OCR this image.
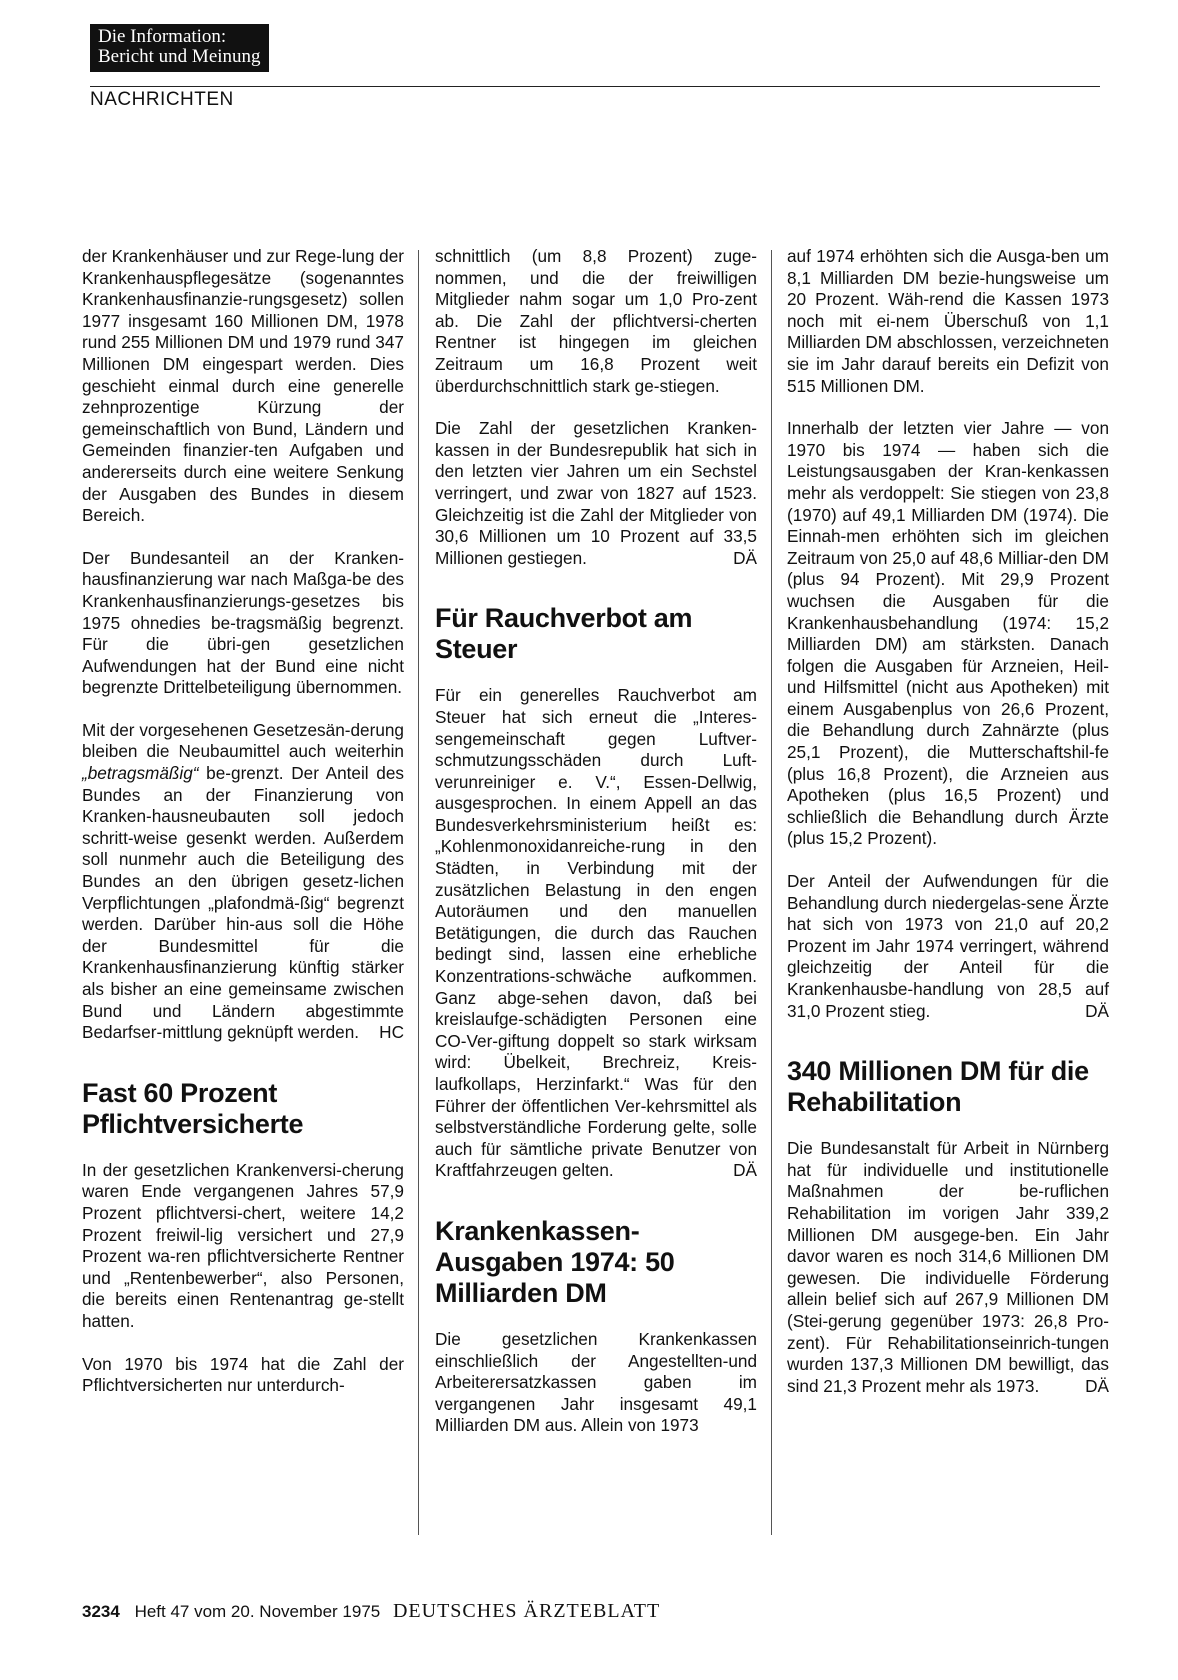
Die Information:
Bericht und Meinung
NACHRICHTEN

der Krankenhäuser und zur Rege-lung der Krankenhauspflegesätze (sogenanntes Krankenhausfinanzie-rungsgesetz) sollen 1977 insgesamt 160 Millionen DM, 1978 rund 255 Millionen DM und 1979 rund 347 Millionen DM eingespart werden. Dies geschieht einmal durch eine generelle zehnprozentige Kürzung der gemeinschaftlich von Bund, Ländern und Gemeinden finanzier-ten Aufgaben und andererseits durch eine weitere Senkung der Ausgaben des Bundes in diesem Bereich.

Der Bundesanteil an der Kranken-hausfinanzierung war nach Maßga-be des Krankenhausfinanzierungs-gesetzes bis 1975 ohnedies be-tragsmäßig begrenzt. Für die übri-gen gesetzlichen Aufwendungen hat der Bund eine nicht begrenzte Drittelbeteiligung übernommen.

Mit der vorgesehenen Gesetzesän-derung bleiben die Neubaumittel auch weiterhin „betragsmäßig“ be-grenzt. Der Anteil des Bundes an der Finanzierung von Kranken-hausneubauten soll jedoch schritt-weise gesenkt werden. Außerdem soll nunmehr auch die Beteiligung des Bundes an den übrigen gesetz-lichen Verpflichtungen „plafondmä-ßig“ begrenzt werden. Darüber hin-aus soll die Höhe der Bundesmittel für die Krankenhausfinanzierung künftig stärker als bisher an eine gemeinsame zwischen Bund und Ländern abgestimmte Bedarfser-mittlung geknüpft werden. HC

Fast 60 Prozent Pflichtversicherte

In der gesetzlichen Krankenversi-cherung waren Ende vergangenen Jahres 57,9 Prozent pflichtversi-chert, weitere 14,2 Prozent freiwil-lig versichert und 27,9 Prozent wa-ren pflichtversicherte Rentner und „Rentenbewerber“, also Personen, die bereits einen Rentenantrag ge-stellt hatten.

Von 1970 bis 1974 hat die Zahl der Pflichtversicherten nur unterdurch-

schnittlich (um 8,8 Prozent) zuge-nommen, und die der freiwilligen Mitglieder nahm sogar um 1,0 Pro-zent ab. Die Zahl der pflichtversi-cherten Rentner ist hingegen im gleichen Zeitraum um 16,8 Prozent weit überdurchschnittlich stark ge-stiegen.

Die Zahl der gesetzlichen Kranken-kassen in der Bundesrepublik hat sich in den letzten vier Jahren um ein Sechstel verringert, und zwar von 1827 auf 1523. Gleichzeitig ist die Zahl der Mitglieder von 30,6 Millionen um 10 Prozent auf 33,5 Millionen gestiegen.	DÄ

Für Rauchverbot am Steuer

Für ein generelles Rauchverbot am Steuer hat sich erneut die „Interes-sengemeinschaft gegen Luftver-schmutzungsschäden durch Luft-verunreiniger e. V.“, Essen-Dellwig, ausgesprochen. In einem Appell an das Bundesverkehrsministerium heißt es: „Kohlenmonoxidanreiche-rung in den Städten, in Verbindung mit der zusätzlichen Belastung in den engen Autoräumen und den manuellen Betätigungen, die durch das Rauchen bedingt sind, lassen eine erhebliche Konzentrations-schwäche aufkommen. Ganz abge-sehen davon, daß bei kreislaufge-schädigten Personen eine CO-Ver-giftung doppelt so stark wirksam wird: Übelkeit, Brechreiz, Kreis-laufkollaps, Herzinfarkt.“ Was für den Führer der öffentlichen Ver-kehrsmittel als selbstverständliche Forderung gelte, solle auch für sämtliche private Benutzer von Kraftfahrzeugen gelten.	DÄ

Krankenkassen-Ausgaben 1974: 50 Milliarden DM

Die gesetzlichen Krankenkassen einschließlich der Angestellten-und Arbeiterersatzkassen gaben im vergangenen Jahr insgesamt 49,1 Milliarden DM aus. Allein von 1973

auf 1974 erhöhten sich die Ausga-ben um 8,1 Milliarden DM bezie-hungsweise um 20 Prozent. Wäh-rend die Kassen 1973 noch mit ei-nem Überschuß von 1,1 Milliarden DM abschlossen, verzeichneten sie im Jahr darauf bereits ein Defizit von 515 Millionen DM.

Innerhalb der letzten vier Jahre — von 1970 bis 1974 — haben sich die Leistungsausgaben der Kran-kenkassen mehr als verdoppelt: Sie stiegen von 23,8 (1970) auf 49,1 Milliarden DM (1974). Die Einnah-men erhöhten sich im gleichen Zeitraum von 25,0 auf 48,6 Milliar-den DM (plus 94 Prozent). Mit 29,9 Prozent wuchsen die Ausgaben für die Krankenhausbehandlung (1974: 15,2 Milliarden DM) am stärksten. Danach folgen die Ausgaben für Arzneien, Heil- und Hilfsmittel (nicht aus Apotheken) mit einem Ausgabenplus von 26,6 Prozent, die Behandlung durch Zahnärzte (plus 25,1 Prozent), die Mutterschaftshil-fe (plus 16,8 Prozent), die Arzneien aus Apotheken (plus 16,5 Prozent) und schließlich die Behandlung durch Ärzte (plus 15,2 Prozent).

Der Anteil der Aufwendungen für die Behandlung durch niedergelas-sene Ärzte hat sich von 1973 von 21,0 auf 20,2 Prozent im Jahr 1974 verringert, während gleichzeitig der Anteil für die Krankenhausbe-handlung von 28,5 auf 31,0 Prozent stieg.	DÄ

340 Millionen DM für die Rehabilitation

Die Bundesanstalt für Arbeit in Nürnberg hat für individuelle und institutionelle Maßnahmen der be-ruflichen Rehabilitation im vorigen Jahr 339,2 Millionen DM ausgege-ben. Ein Jahr davor waren es noch 314,6 Millionen DM gewesen. Die individuelle Förderung allein belief sich auf 267,9 Millionen DM (Stei-gerung gegenüber 1973: 26,8 Pro-zent). Für Rehabilitationseinrich-tungen wurden 137,3 Millionen DM bewilligt, das sind 21,3 Prozent mehr als 1973.	DÄ

3234 Heft 47 vom 20. November 1975 DEUTSCHES ÄRZTEBLATT
